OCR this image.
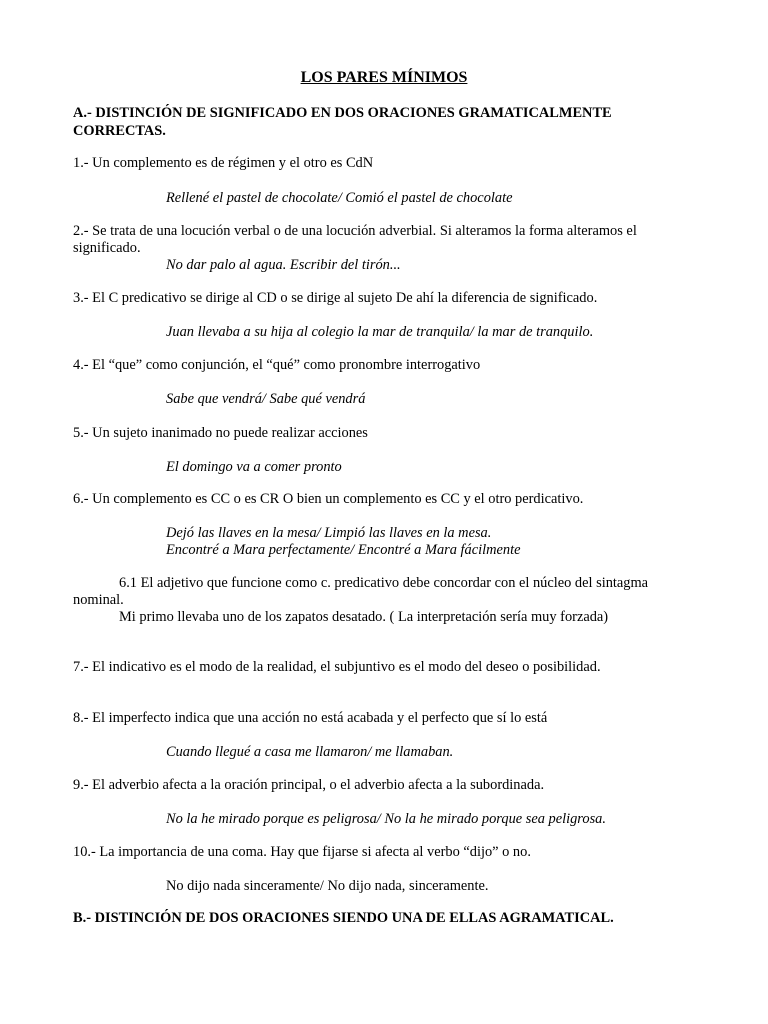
LOS PARES MÍNIMOS
A.- DISTINCIÓN DE SIGNIFICADO EN DOS ORACIONES GRAMATICALMENTE
CORRECTAS.
1.- Un complemento es de régimen y el otro es CdN
Rellené el pastel de chocolate/ Comió el pastel de chocolate
2.- Se trata de una locución verbal o de una locución adverbial. Si alteramos la forma alteramos el
significado.
No dar palo al agua. Escribir del tirón...
3.- El C predicativo se dirige al CD o se dirige al sujeto De ahí la diferencia de significado.
Juan llevaba a su hija al colegio la mar de tranquila/ la mar de tranquilo.
4.- El “que” como conjunción, el “qué” como pronombre interrogativo
Sabe que vendrá/ Sabe qué vendrá
5.- Un sujeto inanimado no puede realizar acciones
El domingo va a comer pronto
6.- Un complemento es CC o es CR O bien un complemento es CC y el otro perdicativo.
Dejó las llaves en la mesa/ Limpió las llaves en la mesa.
Encontré a Mara perfectamente/ Encontré a Mara fácilmente
6.1 El adjetivo que funcione como c. predicativo debe concordar con el núcleo del sintagma
nominal.
Mi primo llevaba uno de los zapatos desatado. ( La interpretación sería muy forzada)
7.- El indicativo es el modo de la realidad, el subjuntivo es el modo del deseo o posibilidad.
8.- El imperfecto indica que una acción no está acabada y el perfecto que sí lo está
Cuando llegué a casa me llamaron/ me llamaban.
9.- El adverbio afecta a la oración principal, o el adverbio afecta a la subordinada.
No la he mirado porque es peligrosa/ No la he mirado porque sea peligrosa.
10.- La importancia de una coma. Hay que fijarse si afecta al verbo “dijo” o no.
No dijo nada sinceramente/ No dijo nada, sinceramente.
B.- DISTINCIÓN DE DOS ORACIONES SIENDO UNA DE ELLAS AGRAMATICAL.
